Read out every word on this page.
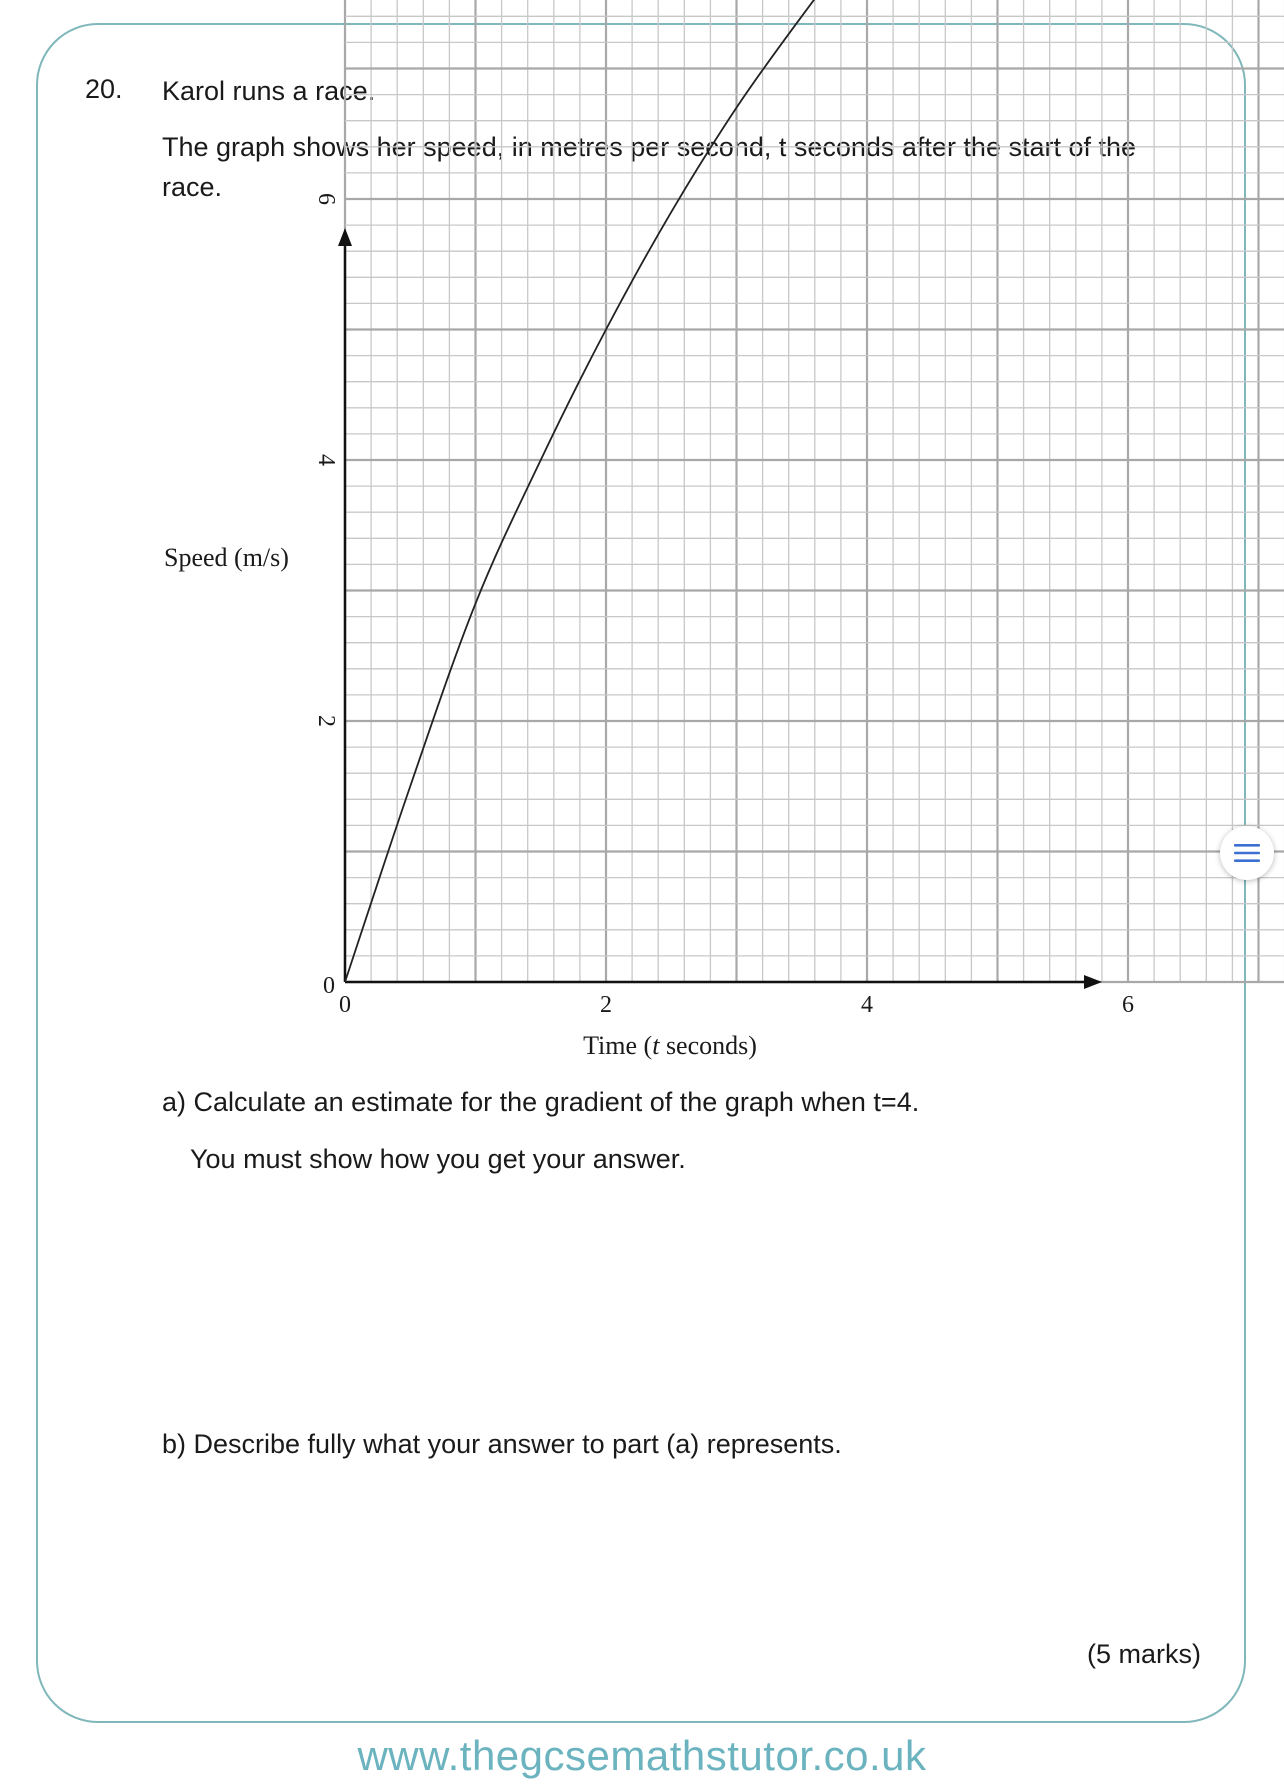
20. Karol runs a race.
The graph shows her speed, in metres per second, t seconds after the start of the race.
0	2	4	6
0
2
4
6
Speed (m/s)
Time (t seconds)
a) Calculate an estimate for the gradient of the graph when t=4.
You must show how you get your answer.
b) Describe fully what your answer to part (a) represents.
(5 marks)
www.thegcsemathstutor.co.uk
